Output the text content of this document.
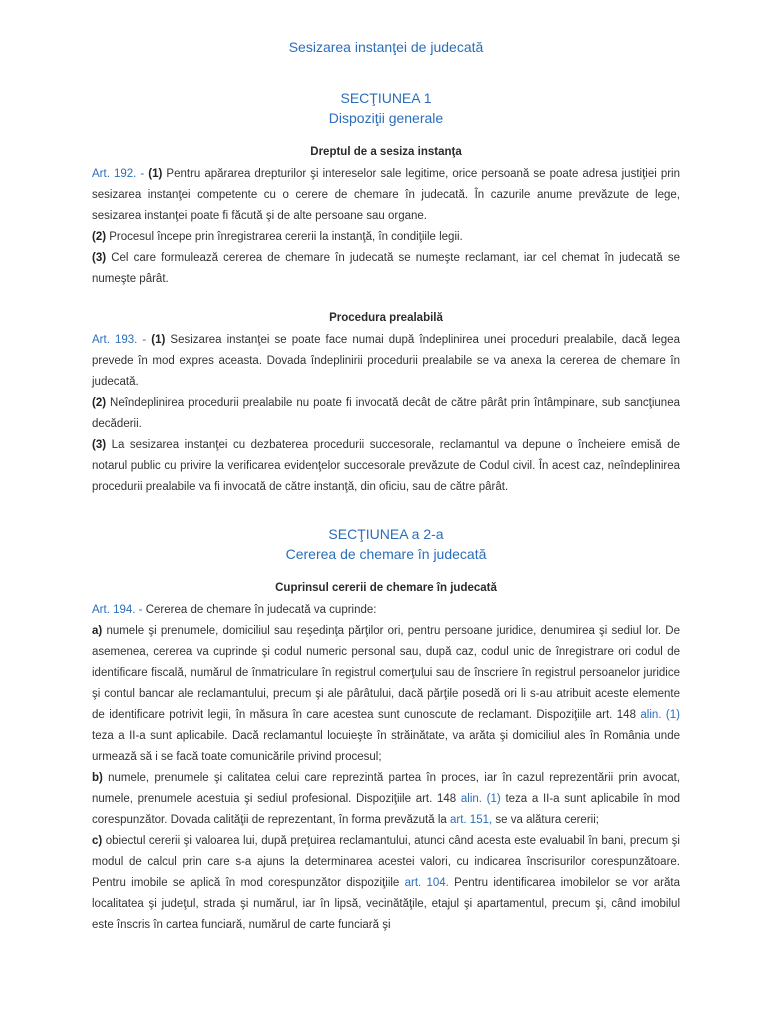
Sesizarea instanţei de judecată
SECŢIUNEA 1
Dispoziţii generale
Dreptul de a sesiza instanţa

Art. 192. - (1) Pentru apărarea drepturilor şi intereselor sale legitime, orice persoană se poate adresa justiţiei prin sesizarea instanţei competente cu o cerere de chemare în judecată. În cazurile anume prevăzute de lege, sesizarea instanţei poate fi făcută şi de alte persoane sau organe.

(2) Procesul începe prin înregistrarea cererii la instanţă, în condiţiile legii.

(3) Cel care formulează cererea de chemare în judecată se numeşte reclamant, iar cel chemat în judecată se numeşte pârât.

Procedura prealabilă

Art. 193. - (1) Sesizarea instanţei se poate face numai după îndeplinirea unei proceduri prealabile, dacă legea prevede în mod expres aceasta. Dovada îndeplinirii procedurii prealabile se va anexa la cererea de chemare în judecată.

(2) Neîndeplinirea procedurii prealabile nu poate fi invocată decât de către pârât prin întâmpinare, sub sancţiunea decăderii.

(3) La sesizarea instanţei cu dezbaterea procedurii succesorale, reclamantul va depune o încheiere emisă de notarul public cu privire la verificarea evidenţelor succesorale prevăzute de Codul civil. În acest caz, neîndeplinirea procedurii prealabile va fi invocată de către instanţă, din oficiu, sau de către pârât.

SECŢIUNEA a 2-a
Cererea de chemare în judecată
Cuprinsul cererii de chemare în judecată

Art. 194. - Cererea de chemare în judecată va cuprinde:

a) numele şi prenumele, domiciliul sau reşedinţa părţilor ori, pentru persoane juridice, denumirea şi sediul lor. De asemenea, cererea va cuprinde şi codul numeric personal sau, după caz, codul unic de înregistrare ori codul de identificare fiscală, numărul de înmatriculare în registrul comerţului sau de înscriere în registrul persoanelor juridice şi contul bancar ale reclamantului, precum şi ale pârâtului, dacă părţile posedă ori li s-au atribuit aceste elemente de identificare potrivit legii, în măsura în care acestea sunt cunoscute de reclamant. Dispoziţiile art. 148 alin. (1) teza a II-a sunt aplicabile. Dacă reclamantul locuieşte în străinătate, va arăta şi domiciliul ales în România unde urmează să i se facă toate comunicările privind procesul;

b) numele, prenumele şi calitatea celui care reprezintă partea în proces, iar în cazul reprezentării prin avocat, numele, prenumele acestuia şi sediul profesional. Dispoziţiile art. 148 alin. (1) teza a II-a sunt aplicabile în mod corespunzător. Dovada calităţii de reprezentant, în forma prevăzută la art. 151, se va alătura cererii;

c) obiectul cererii şi valoarea lui, după preţuirea reclamantului, atunci când acesta este evaluabil în bani, precum şi modul de calcul prin care s-a ajuns la determinarea acestei valori, cu indicarea înscrisurilor corespunzătoare. Pentru imobile se aplică în mod corespunzător dispoziţiile art. 104. Pentru identificarea imobilelor se vor arăta localitatea şi judeţul, strada şi numărul, iar în lipsă, vecinătăţile, etajul şi apartamentul, precum şi, când imobilul este înscris în cartea funciară, numărul de carte funciară şi
